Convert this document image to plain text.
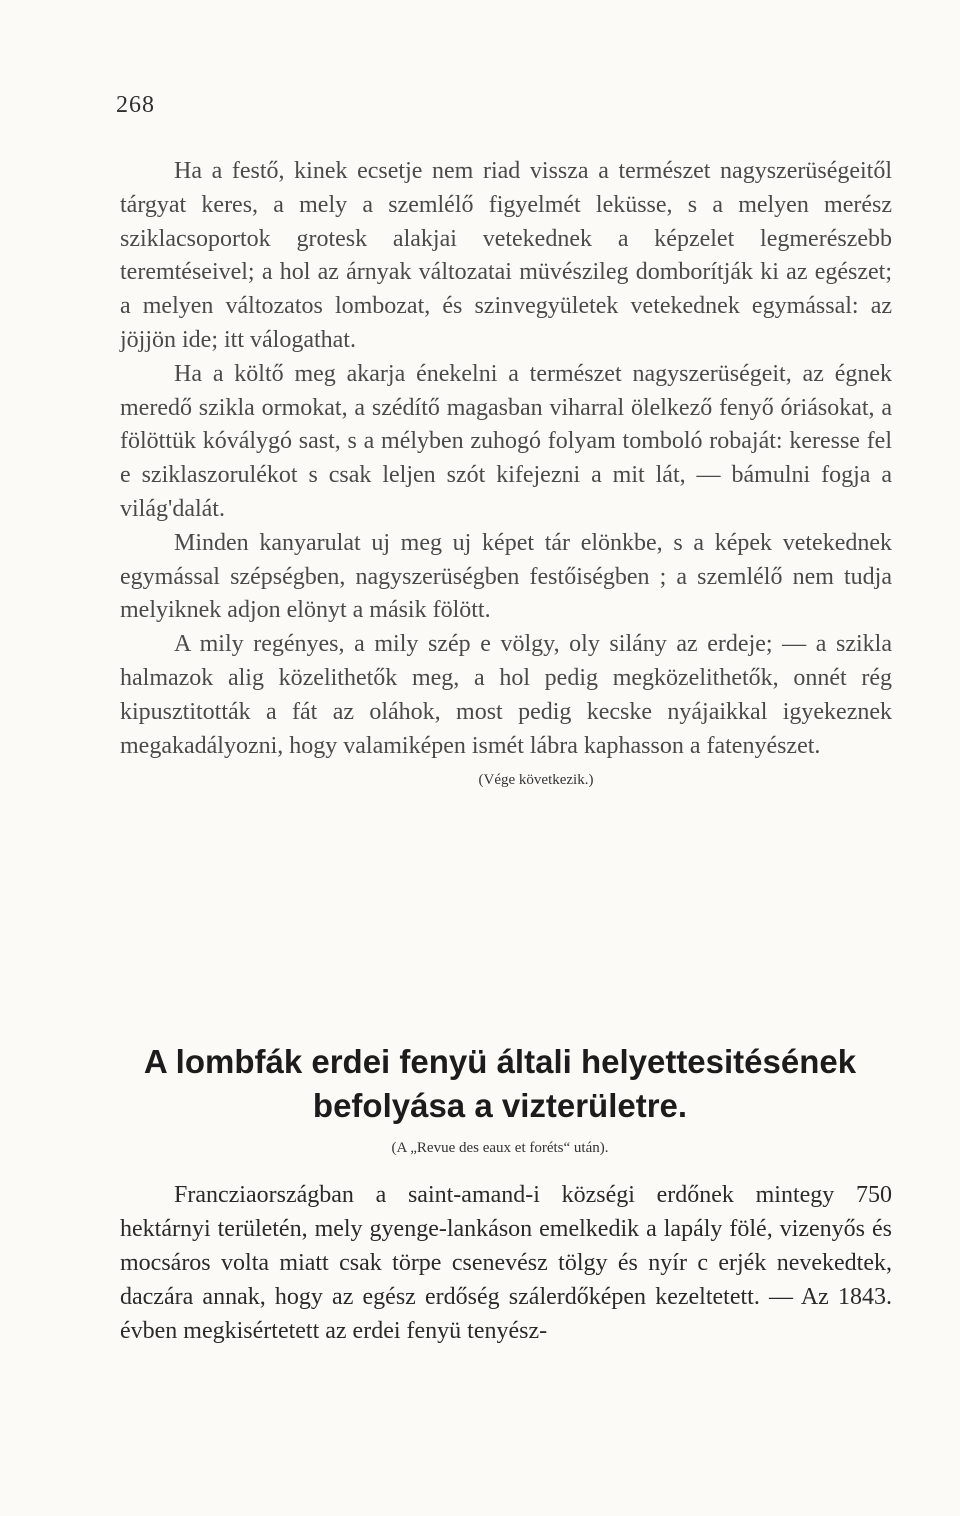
268

Ha a festő, kinek ecsetje nem riad vissza a természet nagyszerüségeitől tárgyat keres, a mely a szemlélő figyelmét leküsse, s a melyen merész sziklacsoportok grotesk alakjai vetekednek a képzelet legmerészebb teremtéseivel; a hol az árnyak változatai müvészileg domborítják ki az egészet; a melyen változatos lombozat, és szinvegyületek vetekednek egymással: az jöjjön ide; itt válogathat.

Ha a költő meg akarja énekelni a természet nagyszerüségeit, az égnek meredő szikla ormokat, a szédítő magasban viharral ölelkező fenyő óriásokat, a fölöttük kóválygó sast, s a mélyben zuhogó folyam tomboló robaját: keresse fel e sziklaszorulékot s csak leljen szót kifejezni a mit lát, — bámulni fogja a világ'dalát.

Minden kanyarulat uj meg uj képet tár elönkbe, s a képek vetekednek egymással szépségben, nagyszerüségben festőiségben ; a szemlélő nem tudja melyiknek adjon elönyt a másik fölött.

A mily regényes, a mily szép e völgy, oly silány az erdeje; — a szikla halmazok alig közelithetők meg, a hol pedig megközelithetők, onnét rég kipusztitották a fát az oláhok, most pedig kecske nyájaikkal igyekeznek megakadályozni, hogy valamiképen ismét lábra kaphasson a fatenyészet.

(Vége következik.)
A lombfák erdei fenyü általi helyettesitésének befolyása a vizterületre.
(A „Revue des eaux et foréts“ után).

Francziaországban a saint-amand-i községi erdőnek mintegy 750 hektárnyi területén, mely gyenge-lankáson emelkedik a lapály fölé, vizenyős és mocsáros volta miatt csak törpe csenevész tölgy és nyír c erjék nevekedtek, daczára annak, hogy az egész erdőség szálerdőképen kezeltetett. — Az 1843. évben megkisértetett az erdei fenyü tenyész-
